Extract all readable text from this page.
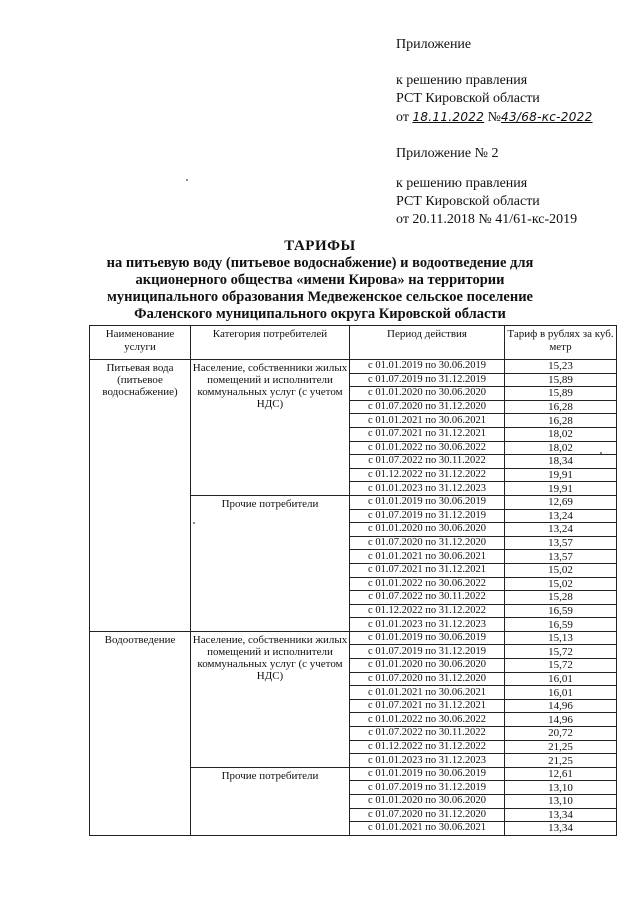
Приложение
к решению правления
РСТ Кировской области
от 18.11.2022 №43/68-кс-2022
Приложение № 2
к решению правления
РСТ Кировской области
от 20.11.2018 № 41/61-кс-2019
ТАРИФЫ
на питьевую воду (питьевое водоснабжение) и водоотведение для
акционерного общества «имени Кирова» на территории
муниципального образования Медвеженское сельское поселение
Фаленского муниципального округа Кировской области
Наименование услуги	Категория потребителей	Период действия	Тариф в рублях за куб. метр
Питьевая вода (питьевое водоснабжение)	Население, собственники жилых помещений и исполнители коммунальных услуг (с учетом НДС)	с 01.01.2019 по 30.06.2019	15,23
		с 01.07.2019 по 31.12.2019	15,89
		с 01.01.2020 по 30.06.2020	15,89
		с 01.07.2020 по 31.12.2020	16,28
		с 01.01.2021 по 30.06.2021	16,28
		с 01.07.2021 по 31.12.2021	18,02
		с 01.01.2022 по 30.06.2022	18,02
		с 01.07.2022 по 30.11.2022	18,34
		с 01.12.2022 по 31.12.2022	19,91
		с 01.01.2023 по 31.12.2023	19,91
	Прочие потребители	с 01.01.2019 по 30.06.2019	12,69
		с 01.07.2019 по 31.12.2019	13,24
		с 01.01.2020 по 30.06.2020	13,24
		с 01.07.2020 по 31.12.2020	13,57
		с 01.01.2021 по 30.06.2021	13,57
		с 01.07.2021 по 31.12.2021	15,02
		с 01.01.2022 по 30.06.2022	15,02
		с 01.07.2022 по 30.11.2022	15,28
		с 01.12.2022 по 31.12.2022	16,59
		с 01.01.2023 по 31.12.2023	16,59
Водоотведение	Население, собственники жилых помещений и исполнители коммунальных услуг (с учетом НДС)	с 01.01.2019 по 30.06.2019	15,13
		с 01.07.2019 по 31.12.2019	15,72
		с 01.01.2020 по 30.06.2020	15,72
		с 01.07.2020 по 31.12.2020	16,01
		с 01.01.2021 по 30.06.2021	16,01
		с 01.07.2021 по 31.12.2021	14,96
		с 01.01.2022 по 30.06.2022	14,96
		с 01.07.2022 по 30.11.2022	20,72
		с 01.12.2022 по 31.12.2022	21,25
		с 01.01.2023 по 31.12.2023	21,25
	Прочие потребители	с 01.01.2019 по 30.06.2019	12,61
		с 01.07.2019 по 31.12.2019	13,10
		с 01.01.2020 по 30.06.2020	13,10
		с 01.07.2020 по 31.12.2020	13,34
		с 01.01.2021 по 30.06.2021	13,34
